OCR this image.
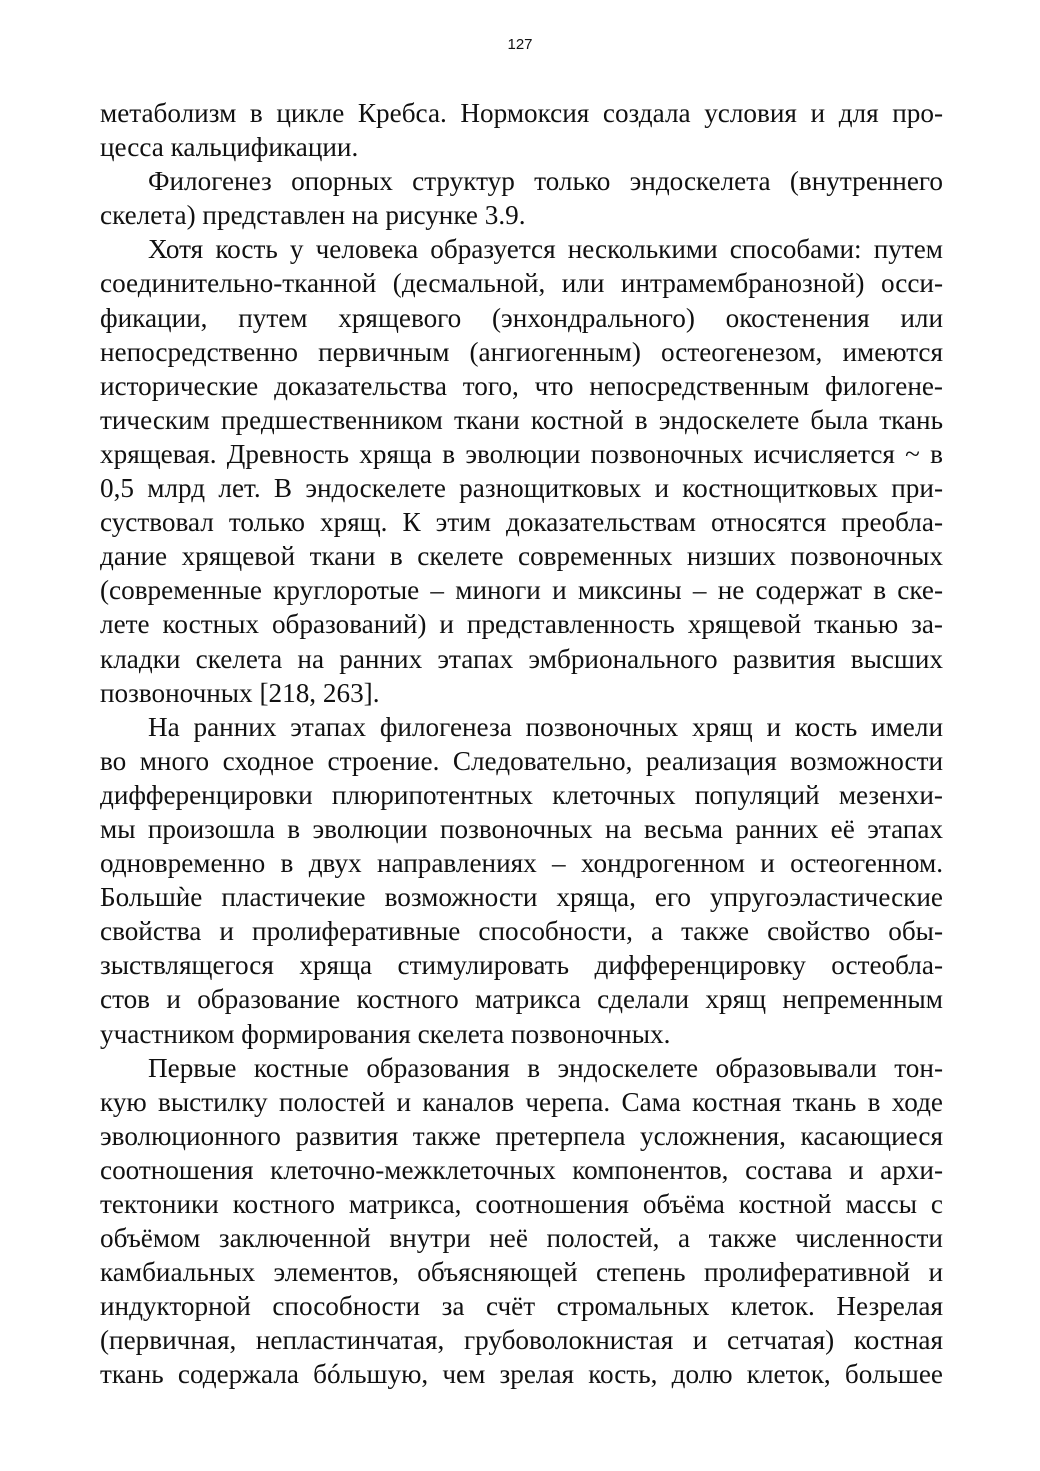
127

метаболизм в цикле Кребса. Нормоксия создала условия и для про-
цесса кальцификации.

Филогенез опорных структур только эндоскелета (внутреннего
скелета) представлен на рисунке 3.9.

Хотя кость у человека образуется несколькими способами: путем
соединительно-тканной (десмальной, или интрамембранозной) осси-
фикации, путем хрящевого (энхондрального) окостенения или
непосредственно первичным (ангиогенным) остеогенезом, имеются
исторические доказательства того, что непосредственным филогене-
тическим предшественником ткани костной в эндоскелете была ткань
хрящевая. Древность хряща в эволюции позвоночных исчисляется ~ в
0,5 млрд лет. В эндоскелете разнощитковых и костнощитковых при-
суствовал только хрящ. К этим доказательствам относятся преобла-
дание хрящевой ткани в скелете современных низших позвоночных
(современные круглоротые – миноги и миксины – не содержат в ске-
лете костных образований) и представленность хрящевой тканью за-
кладки скелета на ранних этапах эмбрионального развития высших
позвоночных [218, 263].

На ранних этапах филогенеза позвоночных хрящ и кость имели
во много сходное строение. Следовательно, реализация возможности
дифференцировки плюрипотентных клеточных популяций мезенхи-
мы произошла в эволюции позвоночных на весьма ранних её этапах
одновременно в двух направлениях – хондрогенном и остеогенном.
Большѝе пластичекие возможности хряща, его упругоэластические
свойства и пролиферативные способности, а также свойство обы-
зыствлящегося хряща стимулировать дифференцировку остеобла-
стов и образование костного матрикса сделали хрящ непременным
участником формирования скелета позвоночных.

Первые костные образования в эндоскелете образовывали тон-
кую выстилку полостей и каналов черепа. Сама костная ткань в ходе
эволюционного развития также претерпела усложнения, касающиеся
соотношения клеточно-межклеточных компонентов, состава и архи-
тектоники костного матрикса, соотношения объёма костной массы с
объёмом заключенной внутри неё полостей, а также численности
камбиальных элементов, объясняющей степень пролиферативной и
индукторной способности за счёт стромальных клеток. Незрелая
(первичная, непластинчатая, грубоволокнистая и сетчатая) костная
ткань содержала бóльшую, чем зрелая кость, долю клеток, большее
